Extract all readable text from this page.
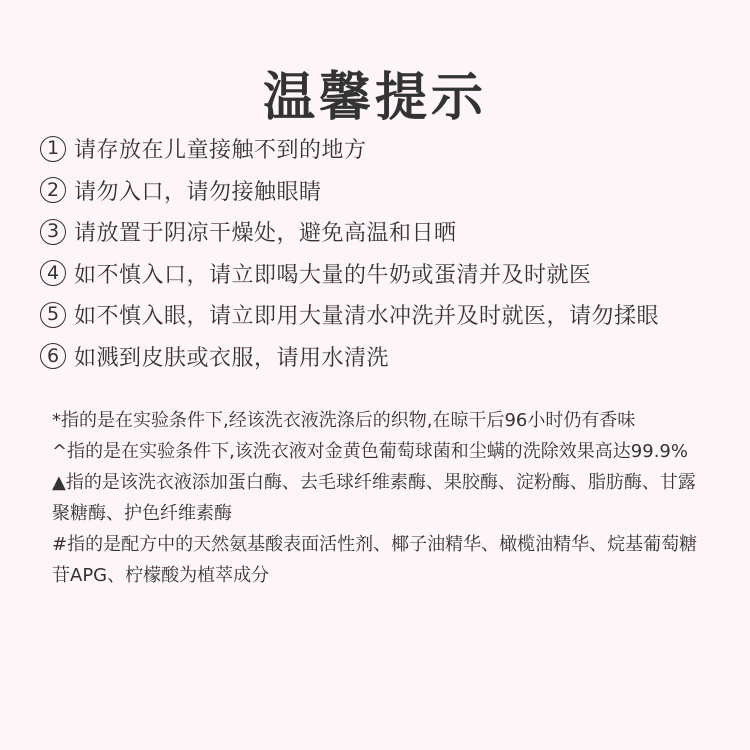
温馨提示
1 请存放在儿童接触不到的地方
2 请勿入口，请勿接触眼睛
3 请放置于阴凉干燥处，避免高温和日晒
4 如不慎入口，请立即喝大量的牛奶或蛋清并及时就医
5 如不慎入眼，请立即用大量清水冲洗并及时就医，请勿揉眼
6 如溅到皮肤或衣服，请用水清洗

*指的是在实验条件下,经该洗衣液洗涤后的织物,在晾干后96小时仍有香味

^指的是在实验条件下,该洗衣液对金黄色葡萄球菌和尘螨的洗除效果高达99.9%

▲指的是该洗衣液添加蛋白酶、去毛球纤维素酶、果胶酶、淀粉酶、脂肪酶、甘露聚糖酶、护色纤维素酶

#指的是配方中的天然氨基酸表面活性剂、椰子油精华、橄榄油精华、烷基葡萄糖苷APG、柠檬酸为植萃成分
